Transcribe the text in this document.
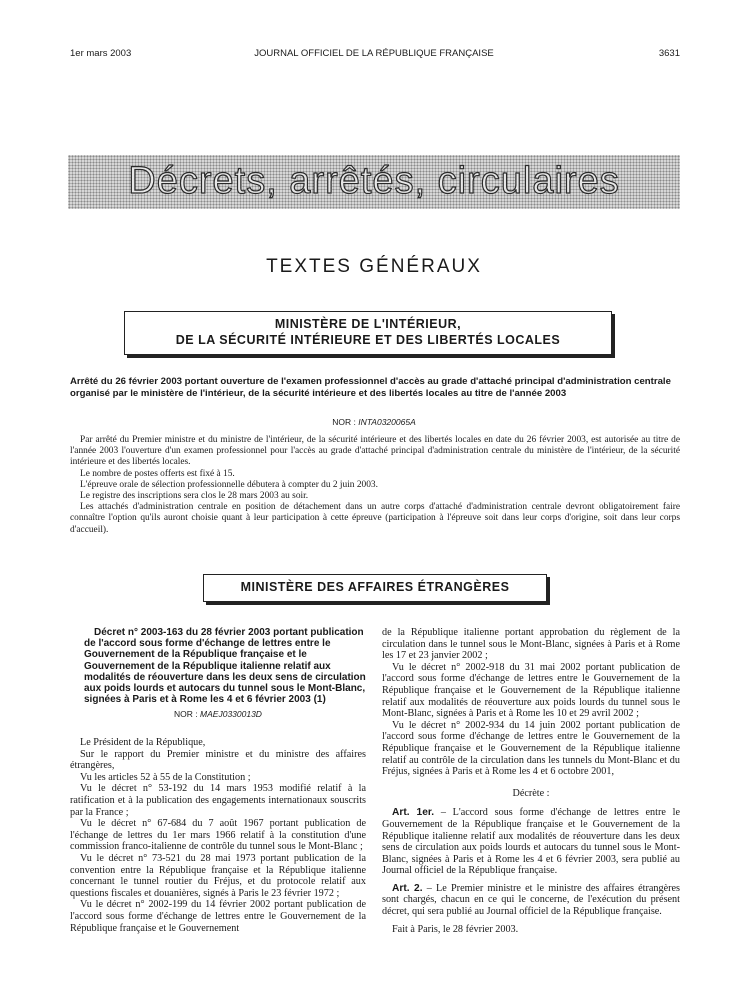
1er mars 2003	JOURNAL OFFICIEL DE LA RÉPUBLIQUE FRANÇAISE	3631
Décrets, arrêtés, circulaires
TEXTES GÉNÉRAUX
MINISTÈRE DE L'INTÉRIEUR,
DE LA SÉCURITÉ INTÉRIEURE ET DES LIBERTÉS LOCALES
Arrêté du 26 février 2003 portant ouverture de l'examen professionnel d'accès au grade d'attaché principal d'administration centrale organisé par le ministère de l'intérieur, de la sécurité intérieure et des libertés locales au titre de l'année 2003
NOR : INTA0320065A

Par arrêté du Premier ministre et du ministre de l'intérieur, de la sécurité intérieure et des libertés locales en date du 26 février 2003, est autorisée au titre de l'année 2003 l'ouverture d'un examen professionnel pour l'accès au grade d'attaché principal d'administration centrale du ministère de l'intérieur, de la sécurité intérieure et des libertés locales.

Le nombre de postes offerts est fixé à 15.

L'épreuve orale de sélection professionnelle débutera à compter du 2 juin 2003.

Le registre des inscriptions sera clos le 28 mars 2003 au soir.

Les attachés d'administration centrale en position de détachement dans un autre corps d'attaché d'administration centrale devront obligatoirement faire connaître l'option qu'ils auront choisie quant à leur participation à cette épreuve (participation à l'épreuve soit dans leur corps d'origine, soit dans leur corps d'accueil).

MINISTÈRE DES AFFAIRES ÉTRANGÈRES

Décret n° 2003-163 du 28 février 2003 portant publication de l'accord sous forme d'échange de lettres entre le Gouvernement de la République française et le Gouvernement de la République italienne relatif aux modalités de réouverture dans les deux sens de circulation aux poids lourds et autocars du tunnel sous le Mont-Blanc, signées à Paris et à Rome les 4 et 6 février 2003 (1)

NOR : MAEJ0330013D

Le Président de la République,

Sur le rapport du Premier ministre et du ministre des affaires étrangères,

Vu les articles 52 à 55 de la Constitution ;

Vu le décret n° 53-192 du 14 mars 1953 modifié relatif à la ratification et à la publication des engagements internationaux souscrits par la France ;

Vu le décret n° 67-684 du 7 août 1967 portant publication de l'échange de lettres du 1er mars 1966 relatif à la constitution d'une commission franco-italienne de contrôle du tunnel sous le Mont-Blanc ;

Vu le décret n° 73-521 du 28 mai 1973 portant publication de la convention entre la République française et la République italienne concernant le tunnel routier du Fréjus, et du protocole relatif aux questions fiscales et douanières, signés à Paris le 23 février 1972 ;

Vu le décret n° 2002-199 du 14 février 2002 portant publication de l'accord sous forme d'échange de lettres entre le Gouvernement de la République française et le Gouvernement

de la République italienne portant approbation du règlement de la circulation dans le tunnel sous le Mont-Blanc, signées à Paris et à Rome les 17 et 23 janvier 2002 ;

Vu le décret n° 2002-918 du 31 mai 2002 portant publication de l'accord sous forme d'échange de lettres entre le Gouvernement de la République française et le Gouvernement de la République italienne relatif aux modalités de réouverture aux poids lourds du tunnel sous le Mont-Blanc, signées à Paris et à Rome les 10 et 29 avril 2002 ;

Vu le décret n° 2002-934 du 14 juin 2002 portant publication de l'accord sous forme d'échange de lettres entre le Gouvernement de la République française et le Gouvernement de la République italienne relatif au contrôle de la circulation dans les tunnels du Mont-Blanc et du Fréjus, signées à Paris et à Rome les 4 et 6 octobre 2001,

Décrète :

Art. 1er. – L'accord sous forme d'échange de lettres entre le Gouvernement de la République française et le Gouvernement de la République italienne relatif aux modalités de réouverture dans les deux sens de circulation aux poids lourds et autocars du tunnel sous le Mont-Blanc, signées à Paris et à Rome les 4 et 6 février 2003, sera publié au Journal officiel de la République française.

Art. 2. – Le Premier ministre et le ministre des affaires étrangères sont chargés, chacun en ce qui le concerne, de l'exécution du présent décret, qui sera publié au Journal officiel de la République française.

Fait à Paris, le 28 février 2003.
